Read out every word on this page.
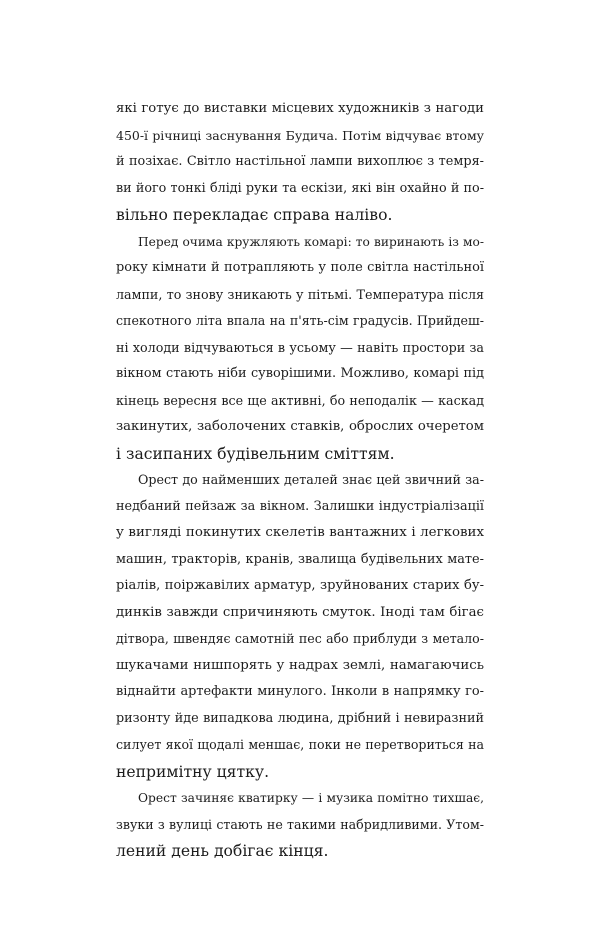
які готує до виставки місцевих художників з нагоди
450-ї річниці заснування Будича. Потім відчуває втому
й позіхає. Світло настільної лампи вихоплює з темря-
ви його тонкі бліді руки та ескізи, які він охайно й по-
вільно перекладає справа наліво.
Перед очима кружляють комарі: то виринають із мо-
року кімнати й потрапляють у поле світла настільної
лампи, то знову зникають у пітьмі. Температура після
спекотного літа впала на п'ять-сім градусів. Прийдеш-
ні холоди відчуваються в усьому — навіть простори за
вікном стають ніби суворішими. Можливо, комарі під
кінець вересня все ще активні, бо неподалік — каскад
закинутих, заболочених ставків, оброслих очеретом
і засипаних будівельним сміттям.
Орест до найменших деталей знає цей звичний за-
недбаний пейзаж за вікном. Залишки індустріалізації
у вигляді покинутих скелетів вантажних і легкових
машин, тракторів, кранів, звалища будівельних мате-
ріалів, поіржавілих арматур, зруйнованих старих бу-
динків завжди спричиняють смуток. Іноді там бігає
дітвора, швендяє самотній пес або приблуди з метало-
шукачами нишпорять у надрах землі, намагаючись
віднайти артефакти минулого. Інколи в напрямку го-
ризонту йде випадкова людина, дрібний і невиразний
силует якої щодалі меншає, поки не перетвориться на
непримітну цятку.
Орест зачиняє кватирку — і музика помітно тихшає,
звуки з вулиці стають не такими набридливими. Утом-
лений день добігає кінця.
